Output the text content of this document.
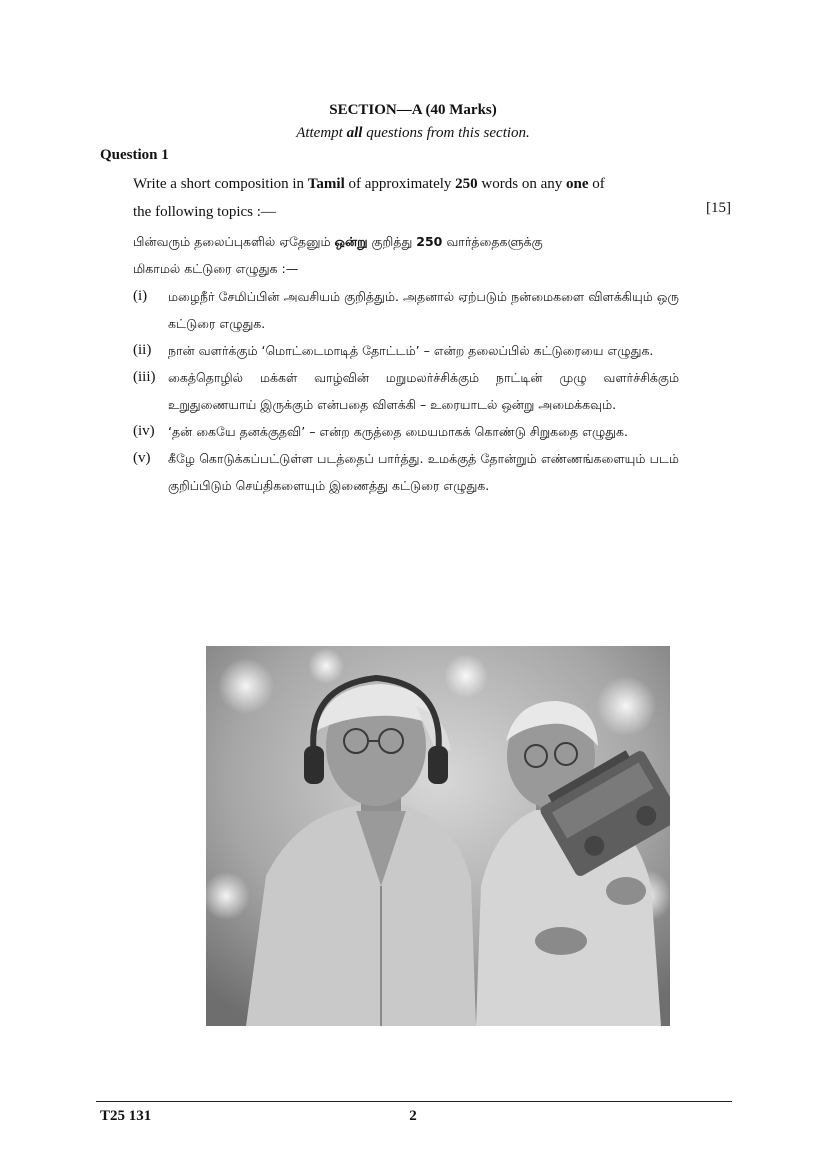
SECTION—A (40 Marks)
Attempt all questions from this section.
Question 1
Write a short composition in Tamil of approximately 250 words on any one of
the following topics :—	[15]
பின்வரும் தலைப்புகளில் ஏதேனும் ஒன்று குறித்து 250 வார்த்தைகளுக்கு
மிகாமல் கட்டுரை எழுதுக :—
(i)	மழைநீர் சேமிப்பின் அவசியம் குறித்தும். அதனால் ஏற்படும் நன்மைகளை விளக்கியும் ஒரு கட்டுரை எழுதுக.
(ii)	நான் வளர்க்கும் ‘மொட்டைமாடித் தோட்டம்’ – என்ற தலைப்பில் கட்டுரையை எழுதுக.
(iii)	கைத்தொழில் மக்கள் வாழ்வின் மறுமலர்ச்சிக்கும் நாட்டின் முழு வளர்ச்சிக்கும் உறுதுணையாய் இருக்கும் என்பதை விளக்கி – உரையாடல் ஒன்று அமைக்கவும்.
(iv)	‘தன் கையே தனக்குதவி’ – என்ற கருத்தை மையமாகக் கொண்டு சிறுகதை எழுதுக.
(v)	கீழே கொடுக்கப்பட்டுள்ள படத்தைப் பார்த்து. உமக்குத் தோன்றும் எண்ணங்களையும் படம் குறிப்பிடும் செய்திகளையும் இணைத்து கட்டுரை எழுதுக.
T25 131	2
